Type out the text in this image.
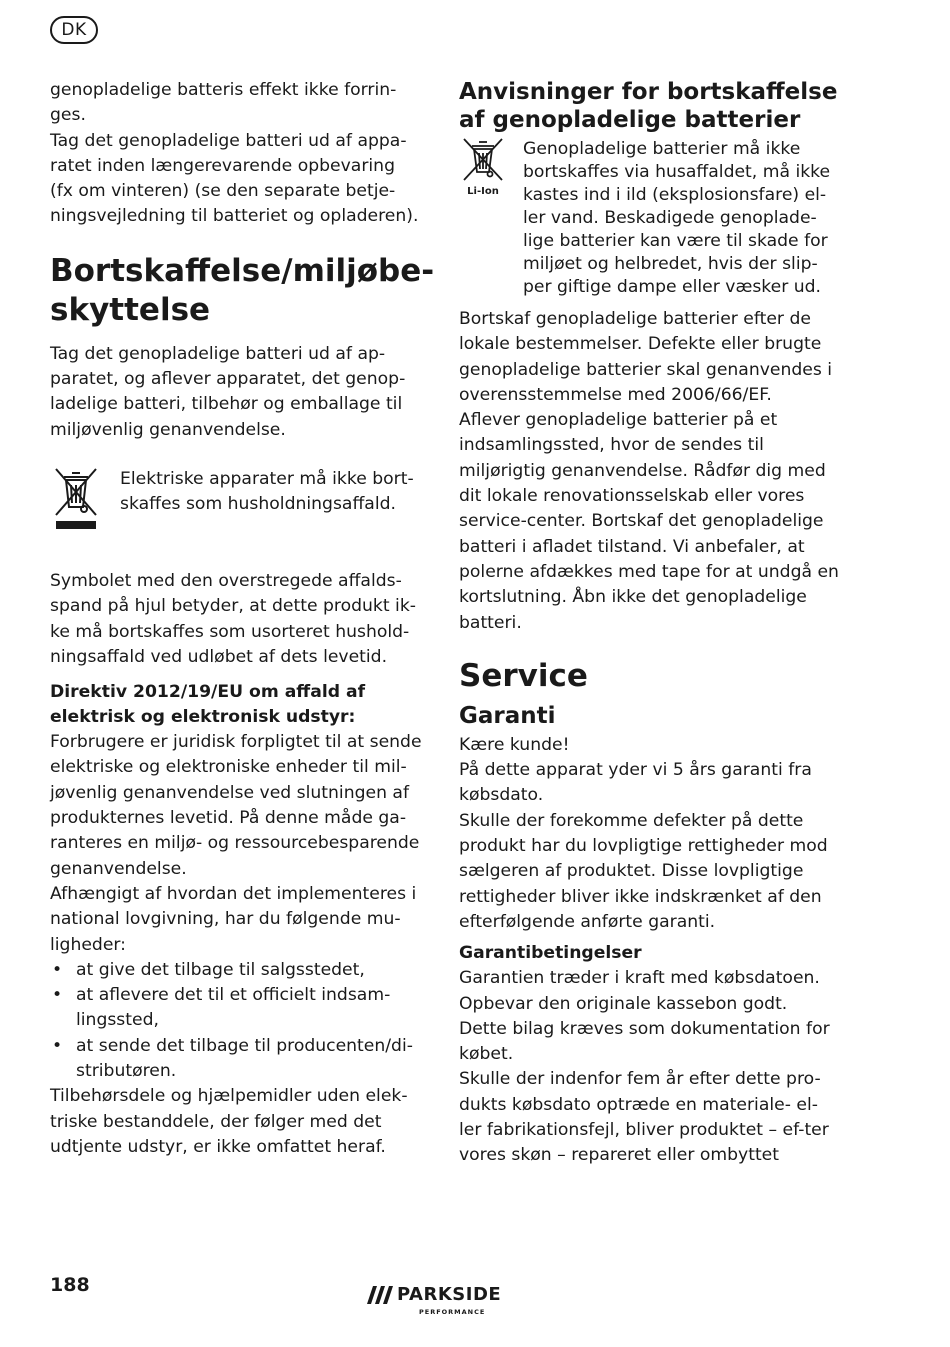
DK

genopladelige batteris effekt ikke forrin-ges.

Tag det genopladelige batteri ud af appa-ratet inden længerevarende opbevaring (fx om vinteren) (se den separate betje-ningsvejledning til batteriet og opladeren).

Bortskaffelse/miljøbe-skyttelse

Tag det genopladelige batteri ud af ap-paratet, og aflever apparatet, det genop-ladelige batteri, tilbehør og emballage til miljøvenlig genanvendelse.

Elektriske apparater må ikke bort-skaffes som husholdningsaffald.

Symbolet med den overstregede affalds-spand på hjul betyder, at dette produkt ik-ke må bortskaffes som usorteret hushold-ningsaffald ved udløbet af dets levetid.

Direktiv 2012/19/EU om affald af elektrisk og elektronisk udstyr:

Forbrugere er juridisk forpligtet til at sende elektriske og elektroniske enheder til mil-jøvenlig genanvendelse ved slutningen af produkternes levetid. På denne måde ga-ranteres en miljø- og ressourcebesparende genanvendelse.

Afhængigt af hvordan det implementeres i national lovgivning, har du følgende mu-ligheder:

• at give det tilbage til salgsstedet,
• at aflevere det til et officielt indsam-lingssted,
• at sende det tilbage til producenten/di-stributøren.

Tilbehørsdele og hjælpemidler uden elek-triske bestanddele, der følger med det udtjente udstyr, er ikke omfattet heraf.

Anvisninger for bortskaffelse af genopladelige batterier
Li-Ion

Genopladelige batterier må ikke bortskaffes via husaffaldet, må ikke kastes ind i ild (eksplosionsfare) el-ler vand. Beskadigede genoplade-lige batterier kan være til skade for miljøet og helbredet, hvis der slip-per giftige dampe eller væsker ud.

Bortskaf genopladelige batterier efter de lokale bestemmelser. Defekte eller brugte genopladelige batterier skal genanvendes i overensstemmelse med 2006/66/EF.

Aflever genopladelige batterier på et indsamlingssted, hvor de sendes til miljørigtig genanvendelse. Rådfør dig med dit lokale renovationsselskab eller vores service-center. Bortskaf det genopladelige batteri i afladet tilstand. Vi anbefaler, at polerne afdækkes med tape for at undgå en kortslutning. Åbn ikke det genopladelige batteri.

Service
Garanti

Kære kunde!

På dette apparat yder vi 5 års garanti fra købsdato.

Skulle der forekomme defekter på dette produkt har du lovpligtige rettigheder mod sælgeren af produktet. Disse lovpligtige rettigheder bliver ikke indskrænket af den efterfølgende anførte garanti.

Garantibetingelser

Garantien træder i kraft med købsdatoen. Opbevar den originale kassebon godt. Dette bilag kræves som dokumentation for købet.

Skulle der indenfor fem år efter dette pro-dukts købsdato optræde en materiale- el-ler fabrikationsfejl, bliver produktet – ef-ter vores skøn – repareret eller ombyttet

188	PARKSIDE
PERFORMANCE
